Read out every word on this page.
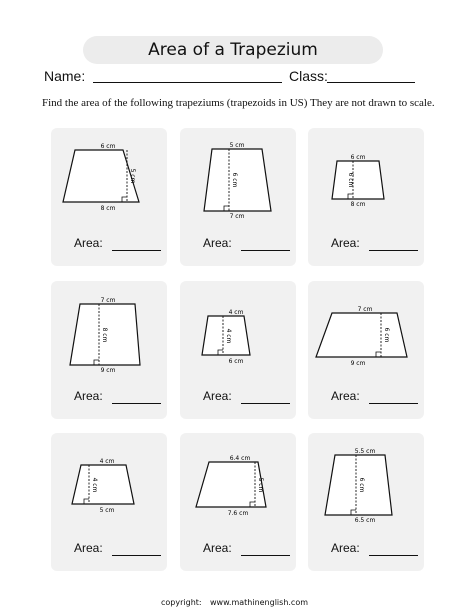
Area of a Trapezium
Name:	Class:
Find the area of the following trapeziums (trapezoids in US) They are not drawn to scale.
6 cm
8 cm
5 cm
Area:
5 cm
7 cm
6 cm
Area:
6 cm
8 cm
6 cm
Area:
7 cm
9 cm
8 cm
Area:
4 cm
6 cm
4 cm
Area:
7 cm
9 cm
6 cm
Area:
4 cm
5 cm
4 cm
Area:
6.4 cm
7.6 cm
5 cm
Area:
5.5 cm
6.5 cm
6 cm
Area:
copyright: www.mathinenglish.com
